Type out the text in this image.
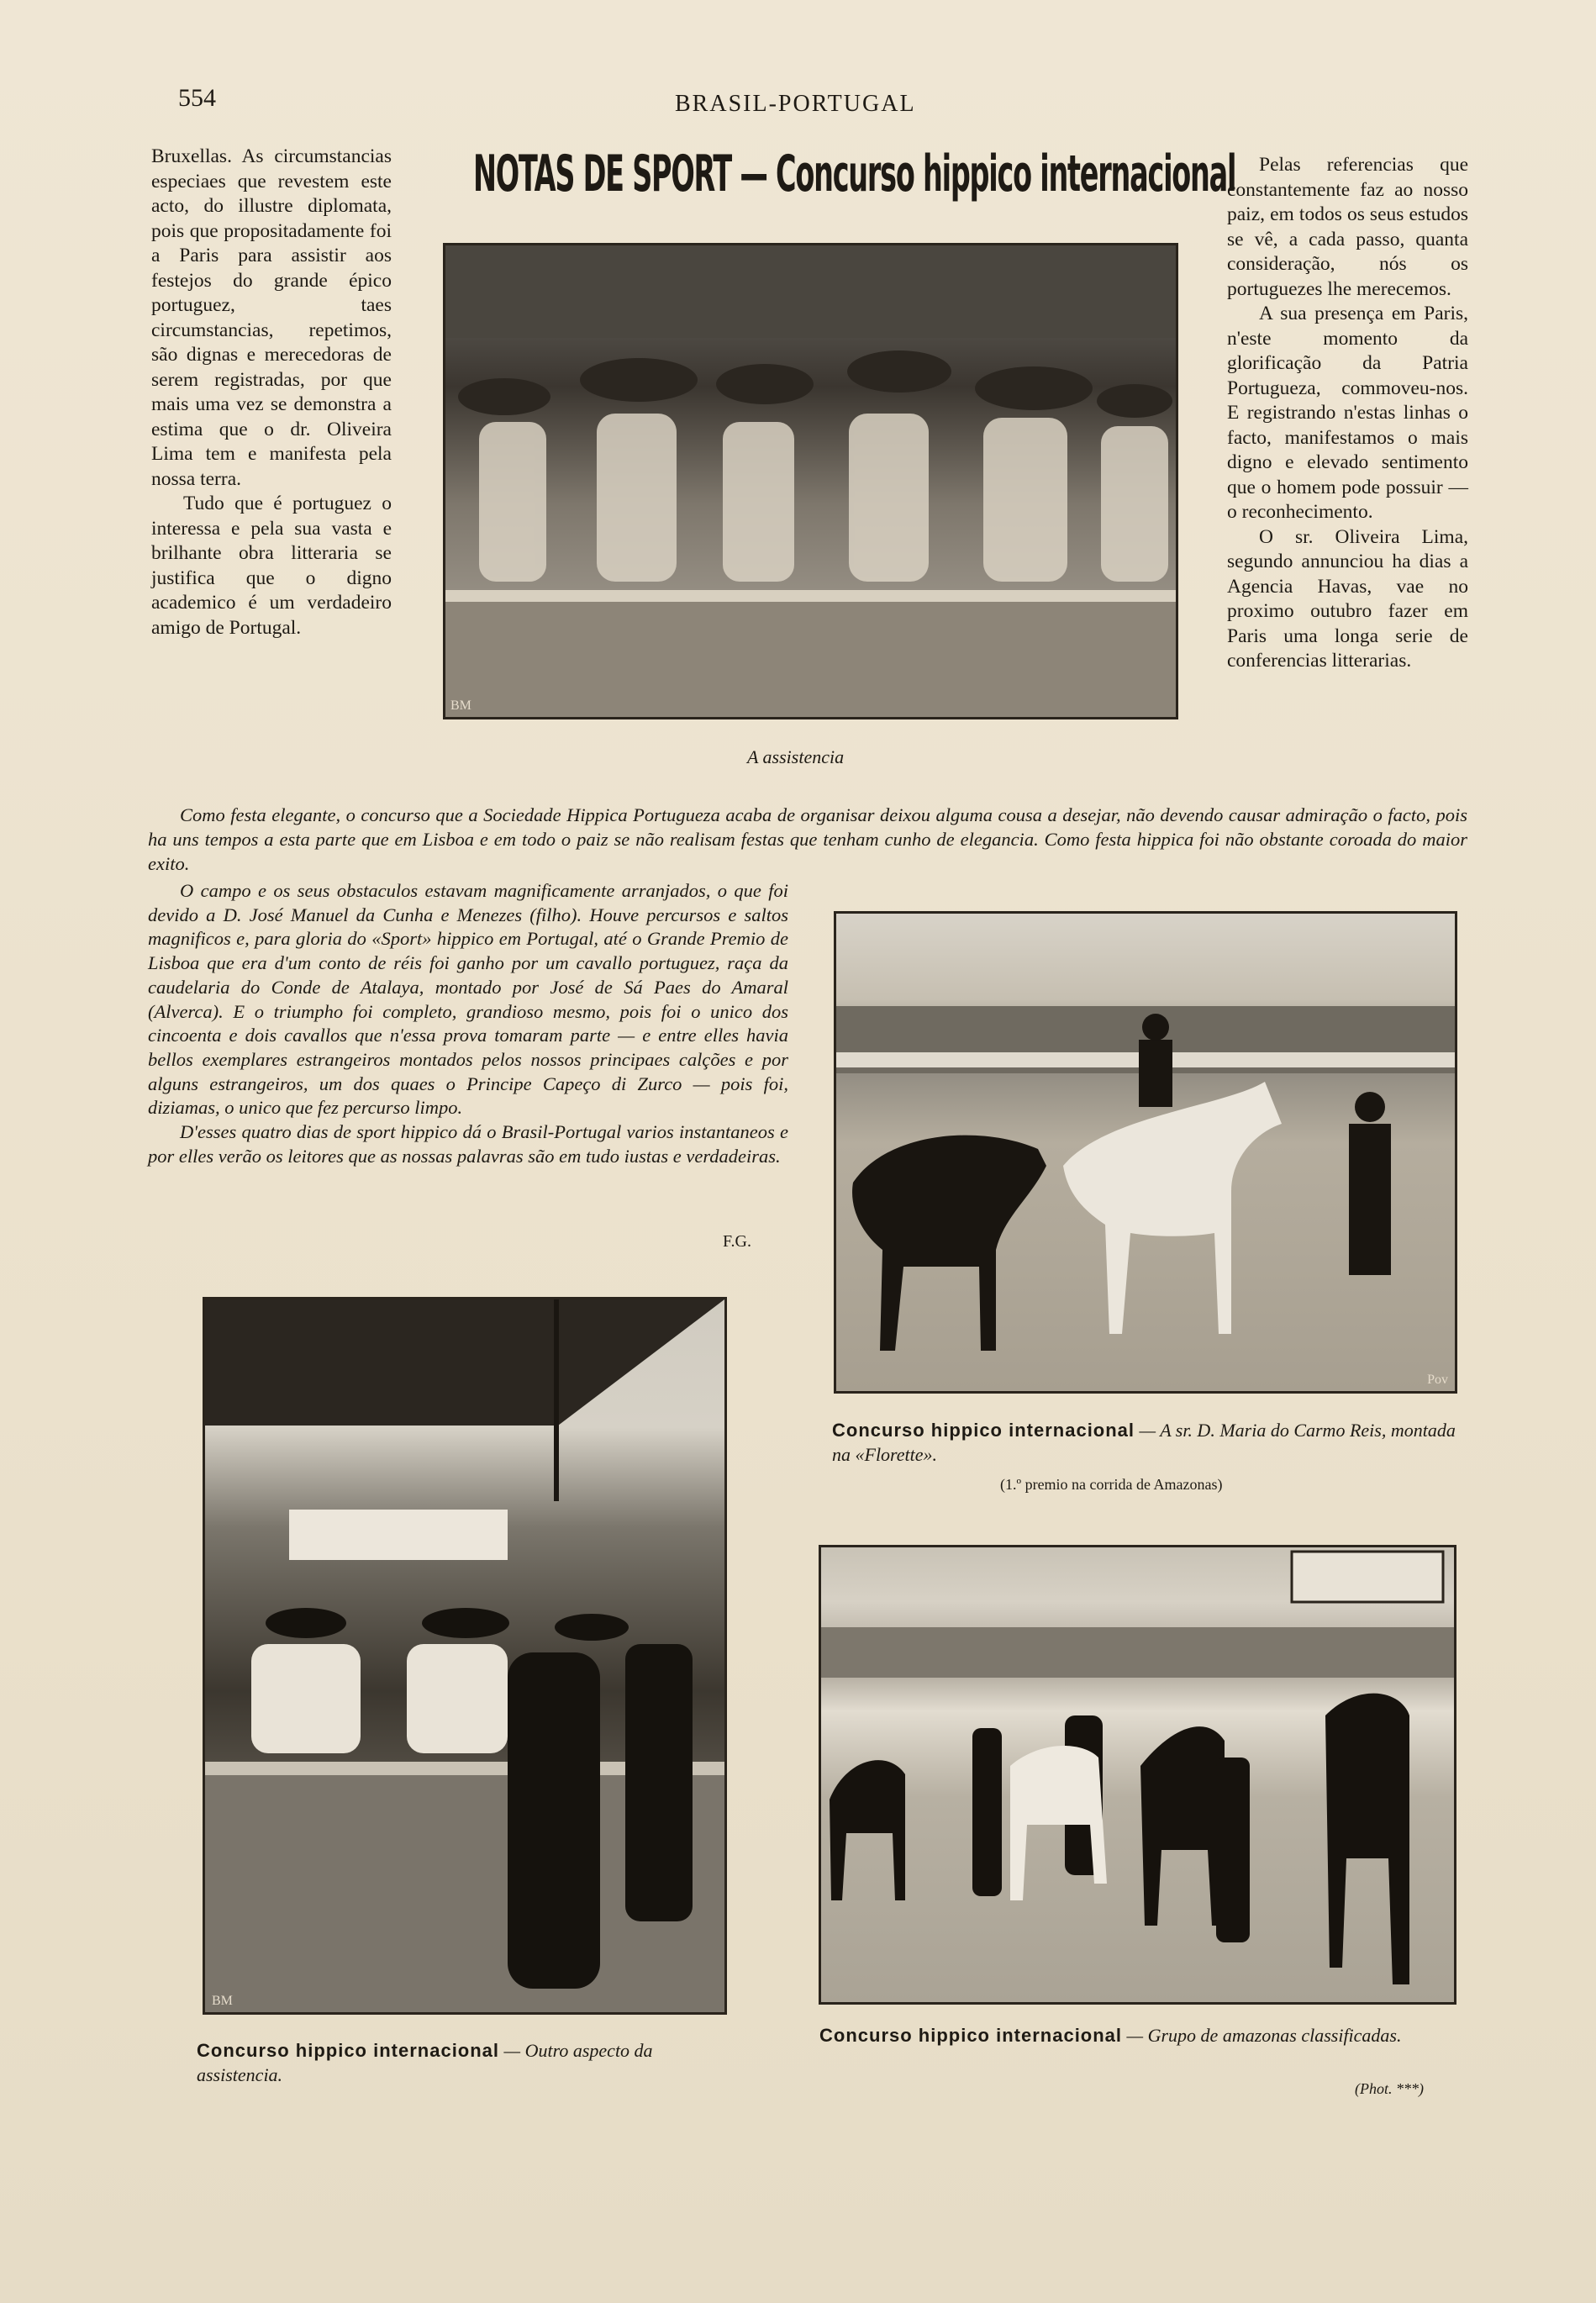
554	BRASIL-PORTUGAL

Bruxellas. As circumstancias especiaes que revestem este acto, do illustre diplomata, pois que propositadamente foi a Paris para assistir aos festejos do grande épico portuguez, taes circumstancias, repetimos, são dignas e merecedoras de serem registradas, por que mais uma vez se demonstra a estima que o dr. Oliveira Lima tem e manifesta pela nossa terra.

Tudo que é portuguez o interessa e pela sua vasta e brilhante obra litteraria se justifica que o digno academico é um verdadeiro amigo de Portugal.

NOTAS DE SPORT — Concurso hippico internacional	Pelas referencias que constantemente faz ao nosso paiz, em todos os seus estudos se vê, a cada passo, quanta consideração, nós os portuguezes lhe merecemos.

A sua presença em Paris, n'este momento da glorificação da Patria Portugueza, commoveu-nos. E registrando n'estas linhas o facto, manifestamos o mais digno e elevado sentimento que o homem pode possuir — o reconhecimento.

O sr. Oliveira Lima, segundo annunciou ha dias a Agencia Havas, vae no proximo outubro fazer em Paris uma longa serie de conferencias litterarias.

BM
A assistencia

Como festa elegante, o concurso que a Sociedade Hippica Portugueza acaba de organisar deixou alguma cousa a desejar, não devendo causar admiração o facto, pois ha uns tempos a esta parte que em Lisboa e em todo o paiz se não realisam festas que tenham cunho de elegancia. Como festa hippica foi não obstante coroada do maior exito.

O campo e os seus obstaculos estavam magnificamente arranjados, o que foi devido a D. José Manuel da Cunha e Menezes (filho). Houve percursos e saltos magnificos e, para gloria do «Sport» hippico em Portugal, até o Grande Premio de Lisboa que era d'um conto de réis foi ganho por um cavallo portuguez, raça da caudelaria do Conde de Atalaya, montado por José de Sá Paes do Amaral (Alverca). E o triumpho foi completo, grandioso mesmo, pois foi o unico dos cincoenta e dois cavallos que n'essa prova tomaram parte — e entre elles havia bellos exemplares estrangeiros montados pelos nossos principaes calções e por alguns estrangeiros, um dos quaes o Principe Capeço di Zurco — pois foi, diziamas, o unico que fez percurso limpo.

D'esses quatro dias de sport hippico dá o Brasil-Portugal varios instantaneos e por elles verão os leitores que as nossas palavras são em tudo iustas e verdadeiras.

F.G.
Pov
Concurso hippico internacional — A sr. D. Maria do Carmo Reis, montada na «Florette».
(1.º premio na corrida de Amazonas)
BM
Concurso hippico internacional — Outro aspecto da assistencia.
Concurso hippico internacional — Grupo de amazonas classificadas.
(Phot. ***)
